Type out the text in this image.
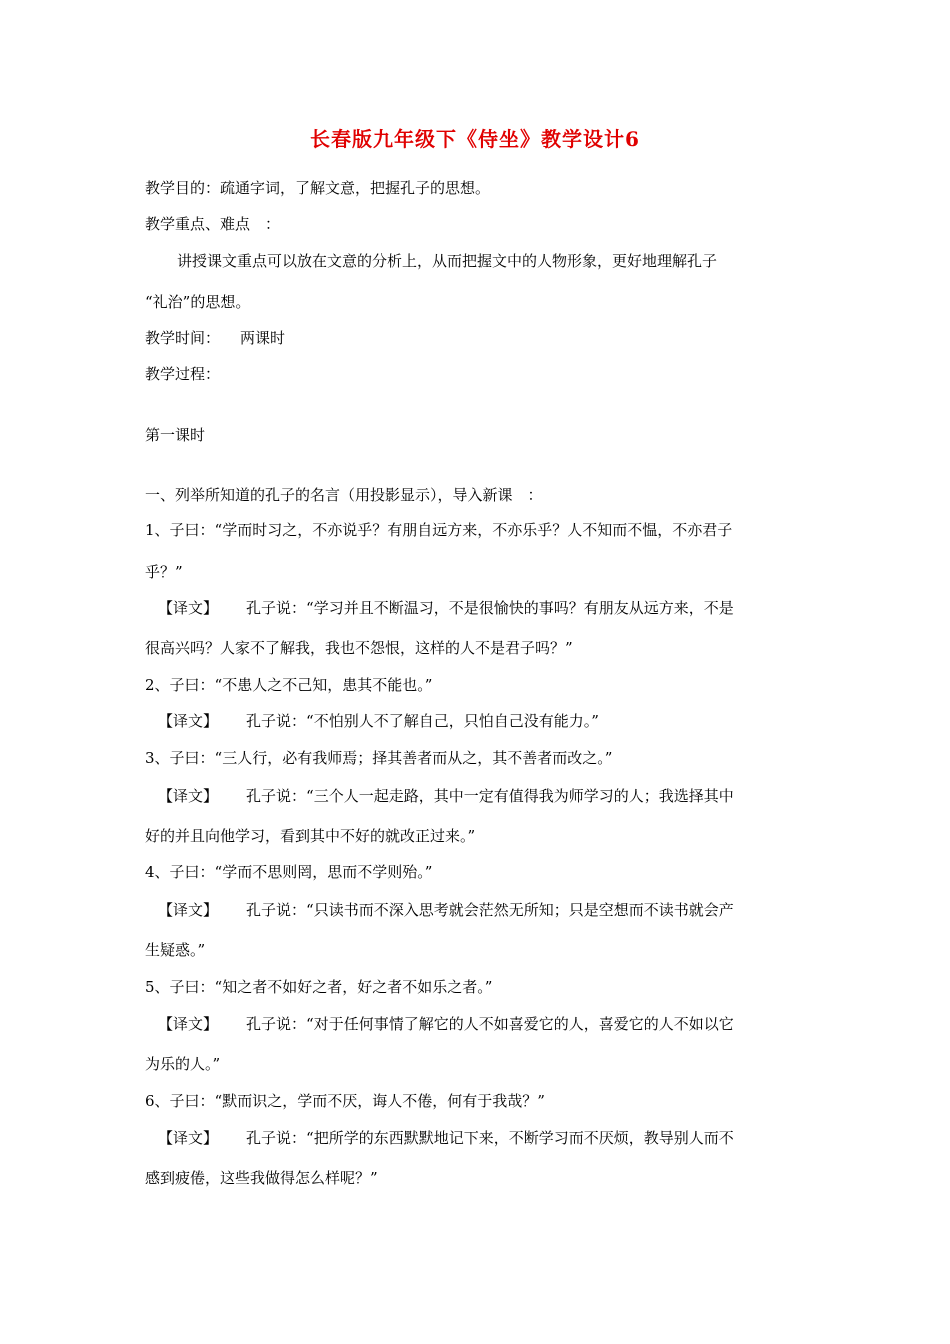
长春版九年级下《侍坐》教学设计6
教学目的：疏通字词，了解文意，把握孔子的思想。
教学重点、难点　：
讲授课文重点可以放在文意的分析上，从而把握文中的人物形象，更好地理解孔子
“礼治”的思想。
教学时间： 两课时
教学过程：
第一课时
一、列举所知道的孔子的名言（用投影显示），导入新课　：
1、子曰：“学而时习之，不亦说乎？有朋自远方来，不亦乐乎？人不知而不愠，不亦君子
乎？”
【译文】 孔子说：“学习并且不断温习，不是很愉快的事吗？有朋友从远方来，不是
很高兴吗？人家不了解我，我也不怨恨，这样的人不是君子吗？”
2、子曰：“不患人之不己知，患其不能也。”
【译文】 孔子说：“不怕别人不了解自己，只怕自己没有能力。”
3、子曰：“三人行，必有我师焉；择其善者而从之，其不善者而改之。”
【译文】 孔子说：“三个人一起走路，其中一定有值得我为师学习的人；我选择其中
好的并且向他学习，看到其中不好的就改正过来。”
4、子曰：“学而不思则罔，思而不学则殆。”
【译文】 孔子说：“只读书而不深入思考就会茫然无所知；只是空想而不读书就会产
生疑惑。”
5、子曰：“知之者不如好之者，好之者不如乐之者。”
【译文】 孔子说：“对于任何事情了解它的人不如喜爱它的人，喜爱它的人不如以它
为乐的人。”
6、子曰：“默而识之，学而不厌，诲人不倦，何有于我哉？”
【译文】 孔子说：“把所学的东西默默地记下来，不断学习而不厌烦，教导别人而不
感到疲倦，这些我做得怎么样呢？”
